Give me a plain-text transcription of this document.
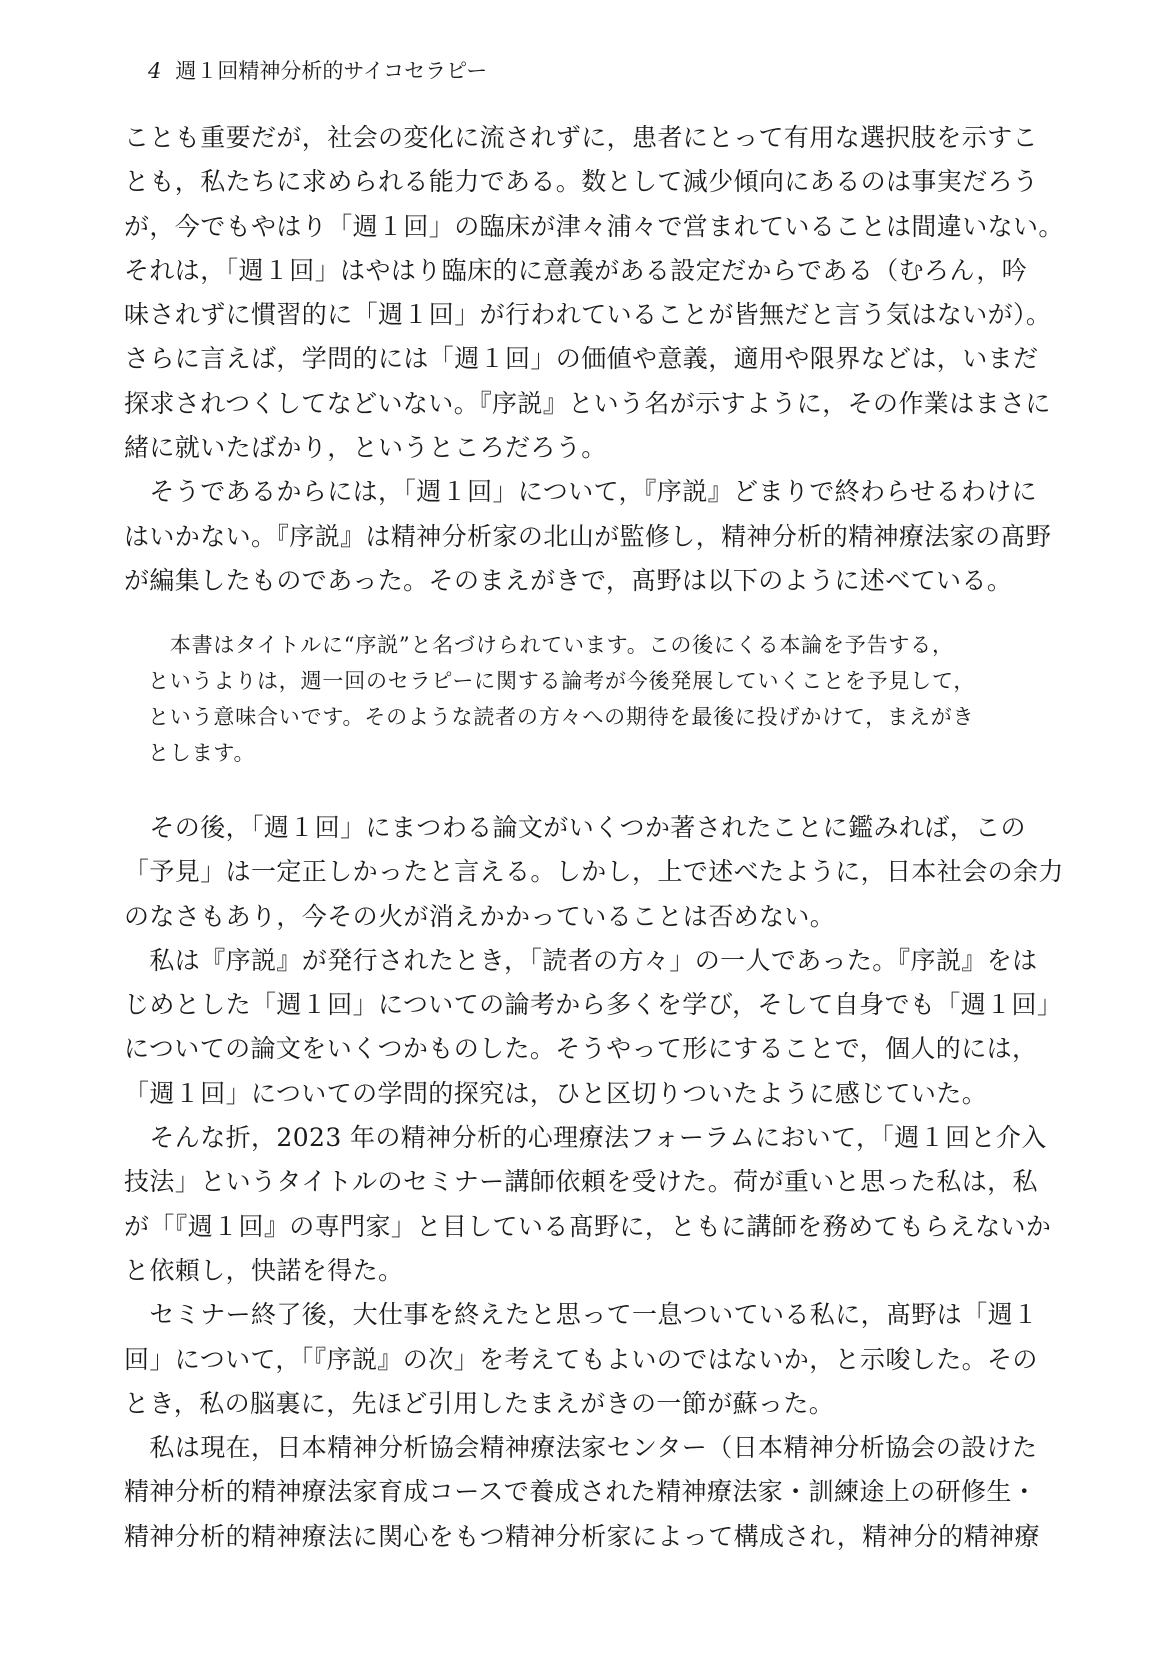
4 週１回精神分析的サイコセラピー
ことも重要だが，社会の変化に流されずに，患者にとって有用な選択肢を示すこ
とも，私たちに求められる能力である。数として減少傾向にあるのは事実だろう
が，今でもやはり「週１回」の臨床が津々浦々で営まれていることは間違いない。
それは，「週１回」はやはり臨床的に意義がある設定だからである（むろん，吟
味されずに慣習的に「週１回」が行われていることが皆無だと言う気はないが）。
さらに言えば，学問的には「週１回」の価値や意義，適用や限界などは，いまだ
探求されつくしてなどいない。『序説』という名が示すように，その作業はまさに
緒に就いたばかり，というところだろう。
　そうであるからには，「週１回」について，『序説』どまりで終わらせるわけに
はいかない。『序説』は精神分析家の北山が監修し，精神分析的精神療法家の髙野
が編集したものであった。そのまえがきで，髙野は以下のように述べている。
　本書はタイトルに“序説”と名づけられています。この後にくる本論を予告する，
というよりは，週一回のセラピーに関する論考が今後発展していくことを予見して，
という意味合いです。そのような読者の方々への期待を最後に投げかけて，まえがき
とします。
　その後，「週１回」にまつわる論文がいくつか著されたことに鑑みれば，この
「予見」は一定正しかったと言える。しかし，上で述べたように，日本社会の余力
のなさもあり，今その火が消えかかっていることは否めない。
　私は『序説』が発行されたとき，「読者の方々」の一人であった。『序説』をは
じめとした「週１回」についての論考から多くを学び，そして自身でも「週１回」
についての論文をいくつかものした。そうやって形にすることで，個人的には，
「週１回」についての学問的探究は，ひと区切りついたように感じていた。
　そんな折，2023 年の精神分析的心理療法フォーラムにおいて，「週１回と介入
技法」というタイトルのセミナー講師依頼を受けた。荷が重いと思った私は，私
が「『週１回』の専門家」と目している髙野に，ともに講師を務めてもらえないか
と依頼し，快諾を得た。
　セミナー終了後，大仕事を終えたと思って一息ついている私に，髙野は「週１
回」について，「『序説』の次」を考えてもよいのではないか，と示唆した。その
とき，私の脳裏に，先ほど引用したまえがきの一節が蘇った。
　私は現在，日本精神分析協会精神療法家センター（日本精神分析協会の設けた
精神分析的精神療法家育成コースで養成された精神療法家・訓練途上の研修生・
精神分析的精神療法に関心をもつ精神分析家によって構成され，精神分的精神療
